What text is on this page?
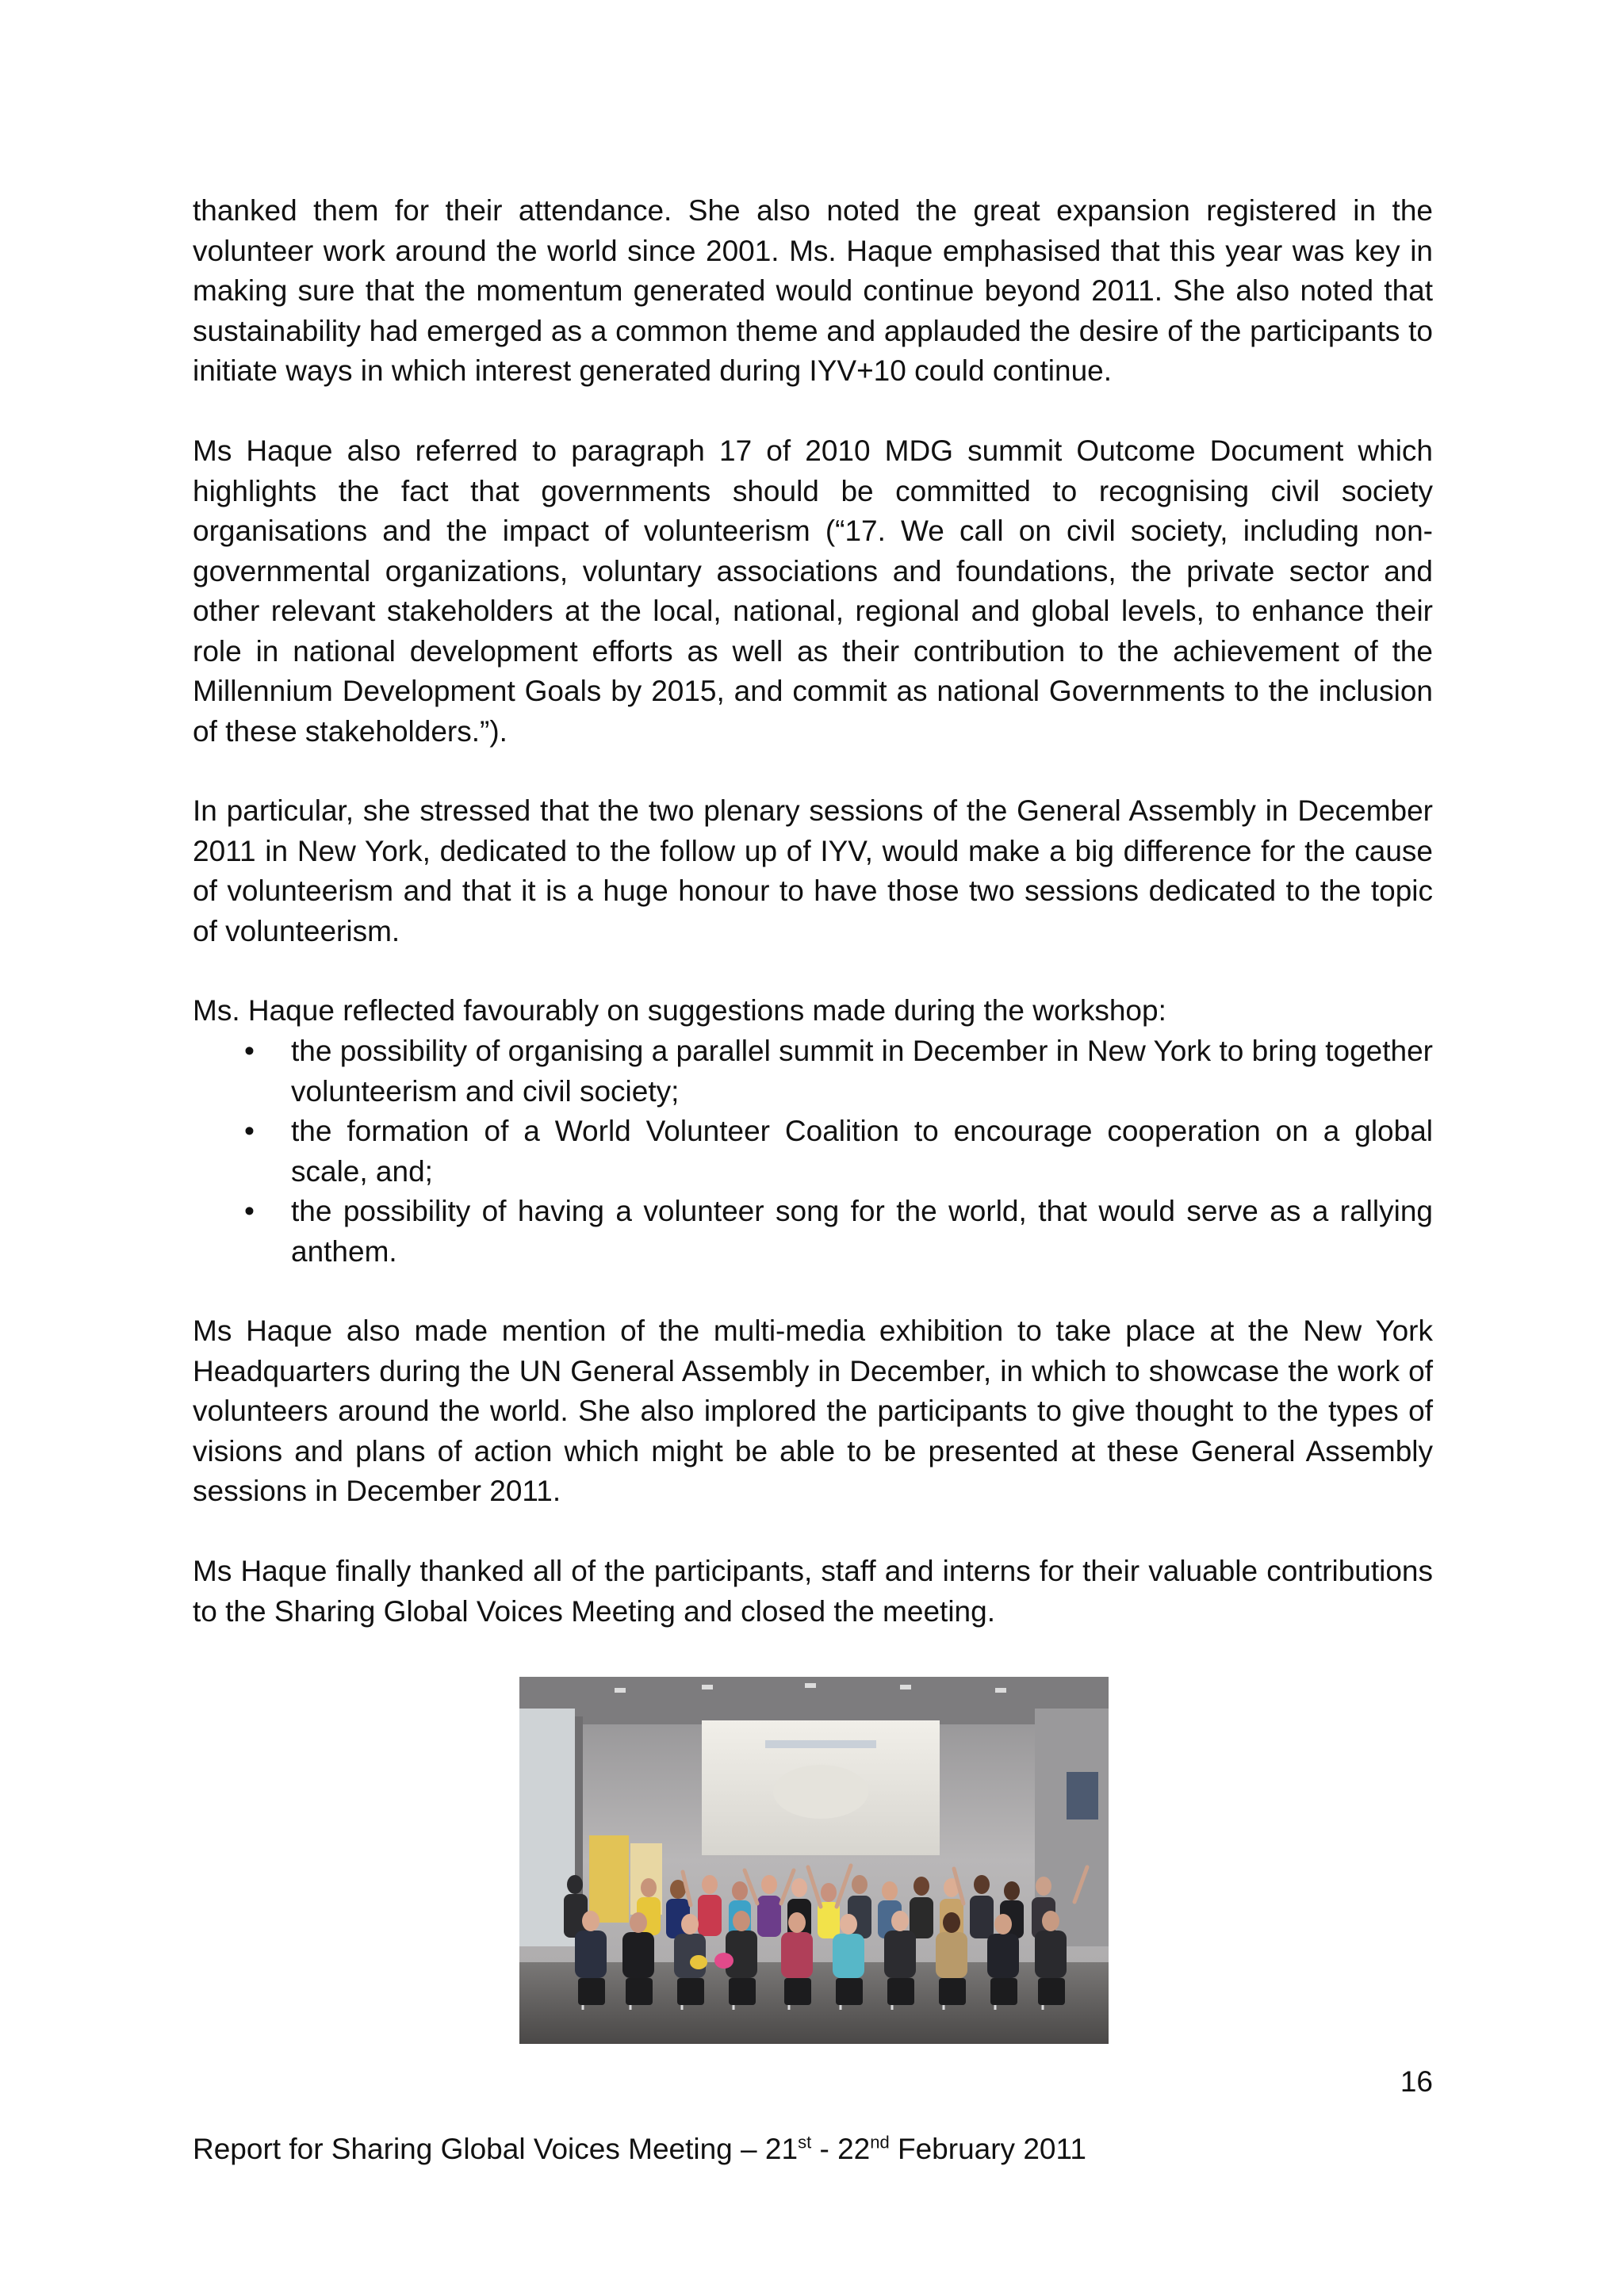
thanked them for their attendance. She also noted the great expansion registered in the volunteer work around the world since 2001. Ms. Haque emphasised that this year was key in making sure that the momentum generated would continue beyond 2011. She also noted that sustainability had emerged as a common theme and applauded the desire of the participants to initiate ways in which interest generated during IYV+10 could continue.

Ms Haque also referred to paragraph 17 of 2010 MDG summit Outcome Document which highlights the fact that governments should be committed to recognising civil society organisations and the impact of volunteerism (“17. We call on civil society, including non-governmental organizations, voluntary associations and foundations, the private sector and other relevant stakeholders at the local, national, regional and global levels, to enhance their role in national development efforts as well as their contribution to the achievement of the Millennium Development Goals by 2015, and commit as national Governments to the inclusion of these stakeholders.”).

In particular, she stressed that the two plenary sessions of the General Assembly in December 2011 in New York, dedicated to the follow up of IYV, would make a big difference for the cause of volunteerism and that it is a huge honour to have those two sessions dedicated to the topic of volunteerism.

Ms. Haque reflected favourably on suggestions made during the workshop:

• the possibility of organising a parallel summit in December in New York to bring together volunteerism and civil society;
• the formation of a World Volunteer Coalition to encourage cooperation on a global scale, and;
• the possibility of having a volunteer song for the world, that would serve as a rallying anthem.

Ms Haque also made mention of the multi-media exhibition to take place at the New York Headquarters during the UN General Assembly in December, in which to showcase the work of volunteers around the world. She also implored the participants to give thought to the types of visions and plans of action which might be able to be presented at these General Assembly sessions in December 2011.

Ms Haque finally thanked all of the participants, staff and interns for their valuable contributions to the Sharing Global Voices Meeting and closed the meeting.

16
Report for Sharing Global Voices Meeting – 21st - 22nd February 2011
